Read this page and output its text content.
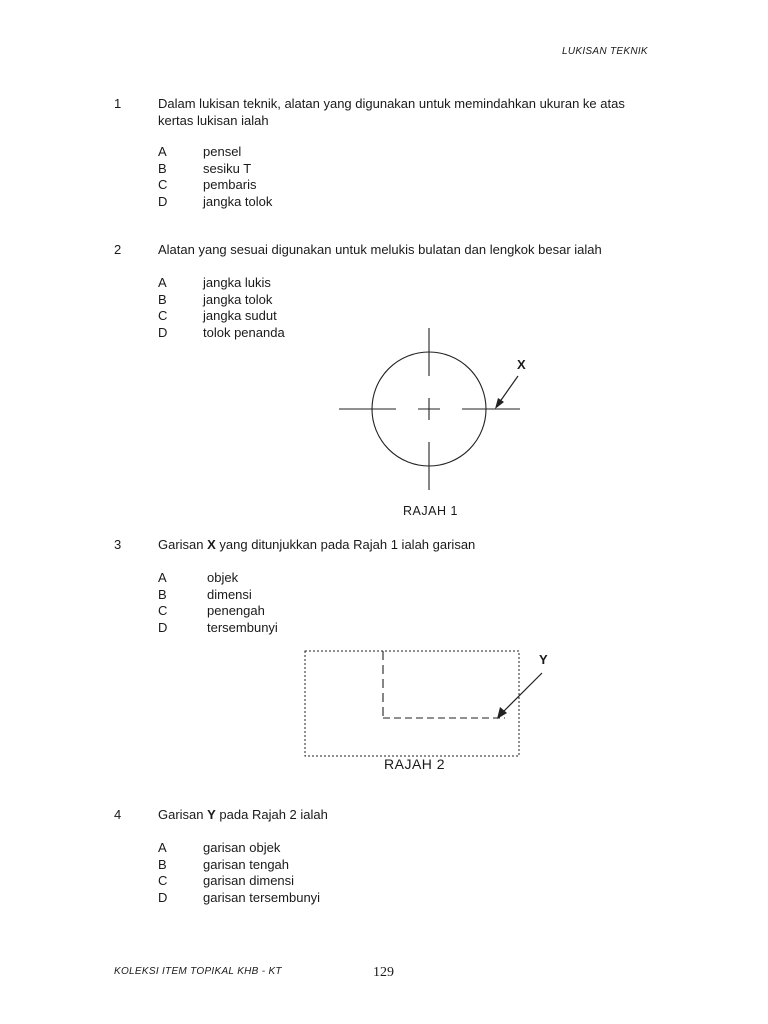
LUKISAN TEKNIK
1	Dalam lukisan teknik, alatan yang digunakan untuk memindahkan ukuran ke atas
kertas lukisan ialah
A	pensel
B	sesiku T
C	pembaris
D	jangka tolok
2	Alatan yang sesuai digunakan untuk melukis bulatan dan lengkok besar ialah
A	jangka lukis
B	jangka tolok
C	jangka sudut
D	tolok penanda
X
RAJAH 1
3	Garisan X yang ditunjukkan pada Rajah 1 ialah garisan
A	objek
B	dimensi
C	penengah
D	tersembunyi
Y
RAJAH 2
4	Garisan Y pada Rajah 2 ialah
A	garisan objek
B	garisan tengah
C	garisan dimensi
D	garisan tersembunyi
KOLEKSI ITEM TOPIKAL KHB - KT	129
